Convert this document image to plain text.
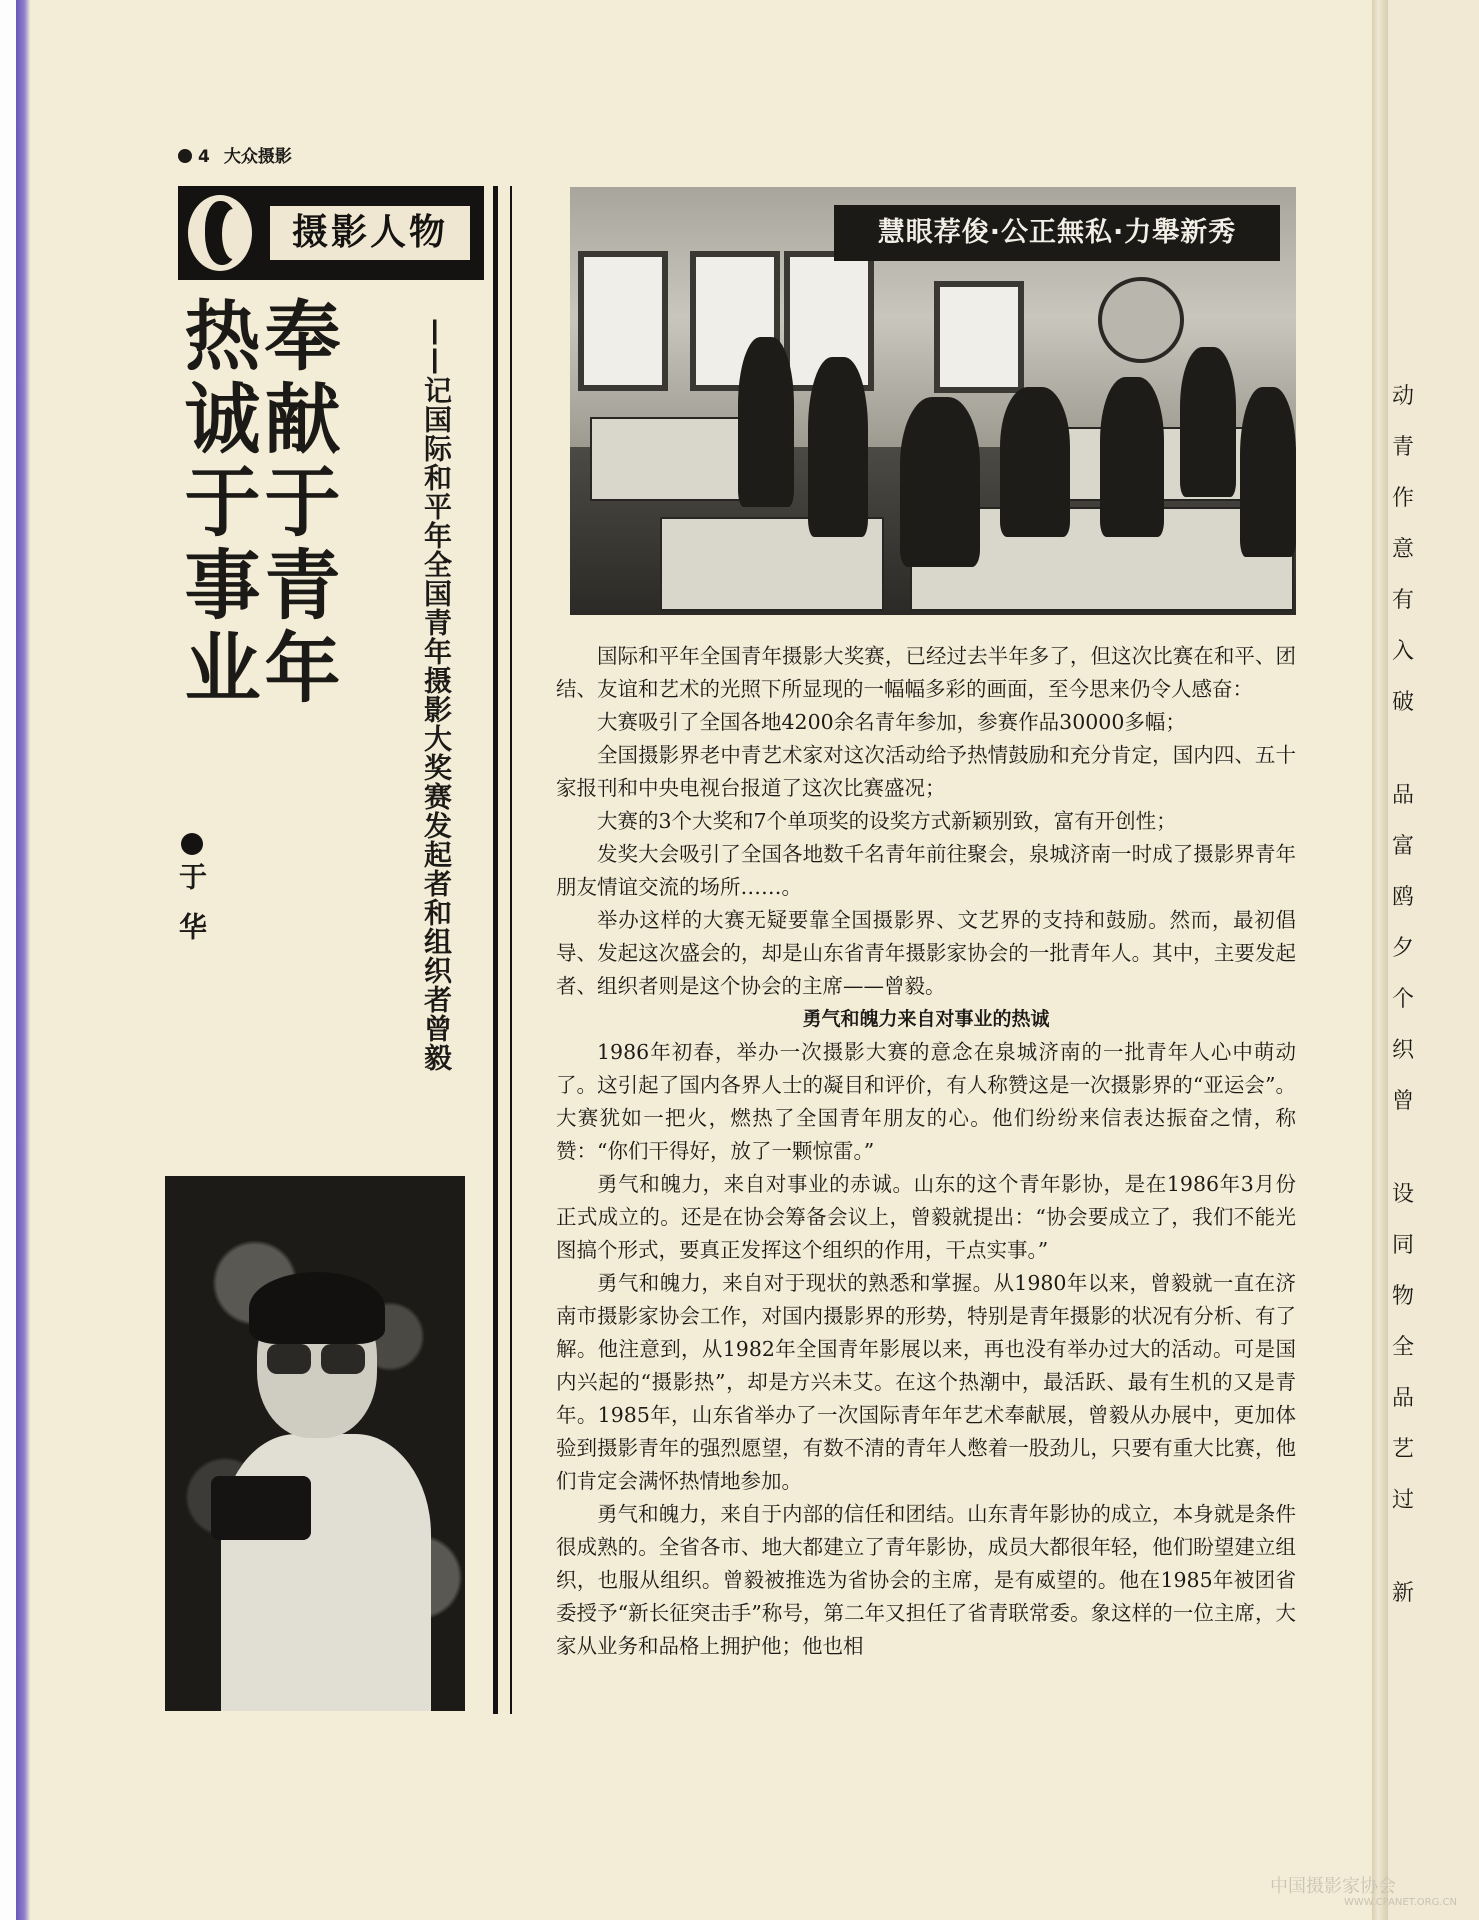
4 大众摄影
摄影人物
奉献于青年
热诚于事业	——记国际和平年全国青年摄影大奖赛发起者和组织者曾毅
于华
慧眼荐俊·公正無私·力舉新秀

国际和平年全国青年摄影大奖赛，已经过去半年多了，但这次比赛在和平、团结、友谊和艺术的光照下所显现的一幅幅多彩的画面，至今思来仍令人感奋：

大赛吸引了全国各地4200余名青年参加，参赛作品30000多幅；

全国摄影界老中青艺术家对这次活动给予热情鼓励和充分肯定，国内四、五十家报刊和中央电视台报道了这次比赛盛况；

大赛的3个大奖和7个单项奖的设奖方式新颖别致，富有开创性；

发奖大会吸引了全国各地数千名青年前往聚会，泉城济南一时成了摄影界青年朋友情谊交流的场所……。

举办这样的大赛无疑要靠全国摄影界、文艺界的支持和鼓励。然而，最初倡导、发起这次盛会的，却是山东省青年摄影家协会的一批青年人。其中，主要发起者、组织者则是这个协会的主席——曾毅。

勇气和魄力来自对事业的热诚

1986年初春，举办一次摄影大赛的意念在泉城济南的一批青年人心中萌动了。这引起了国内各界人士的凝目和评价，有人称赞这是一次摄影界的“亚运会”。大赛犹如一把火，燃热了全国青年朋友的心。他们纷纷来信表达振奋之情，称赞：“你们干得好，放了一颗惊雷。”

勇气和魄力，来自对事业的赤诚。山东的这个青年影协，是在1986年3月份正式成立的。还是在协会筹备会议上，曾毅就提出：“协会要成立了，我们不能光图搞个形式，要真正发挥这个组织的作用，干点实事。”

勇气和魄力，来自对于现状的熟悉和掌握。从1980年以来，曾毅就一直在济南市摄影家协会工作，对国内摄影界的形势，特别是青年摄影的状况有分析、有了解。他注意到，从1982年全国青年影展以来，再也没有举办过大的活动。可是国内兴起的“摄影热”，却是方兴未艾。在这个热潮中，最活跃、最有生机的又是青年。1985年，山东省举办了一次国际青年年艺术奉献展，曾毅从办展中，更加体验到摄影青年的强烈愿望，有数不清的青年人憋着一股劲儿，只要有重大比赛，他们肯定会满怀热情地参加。

勇气和魄力，来自于内部的信任和团结。山东青年影协的成立，本身就是条件很成熟的。全省各市、地大都建立了青年影协，成员大都很年轻，他们盼望建立组织，也服从组织。曾毅被推选为省协会的主席，是有威望的。他在1985年被团省委授予“新长征突击手”称号，第二年又担任了省青联常委。象这样的一位主席，大家从业务和品格上拥护他；他也相

动
青
作
意
有
入
破
品
富
鸥
夕
个
织
曾
设
同
物
全
品
艺
过
新
中国摄影家协会
WWW.CPANET.ORG.CN
